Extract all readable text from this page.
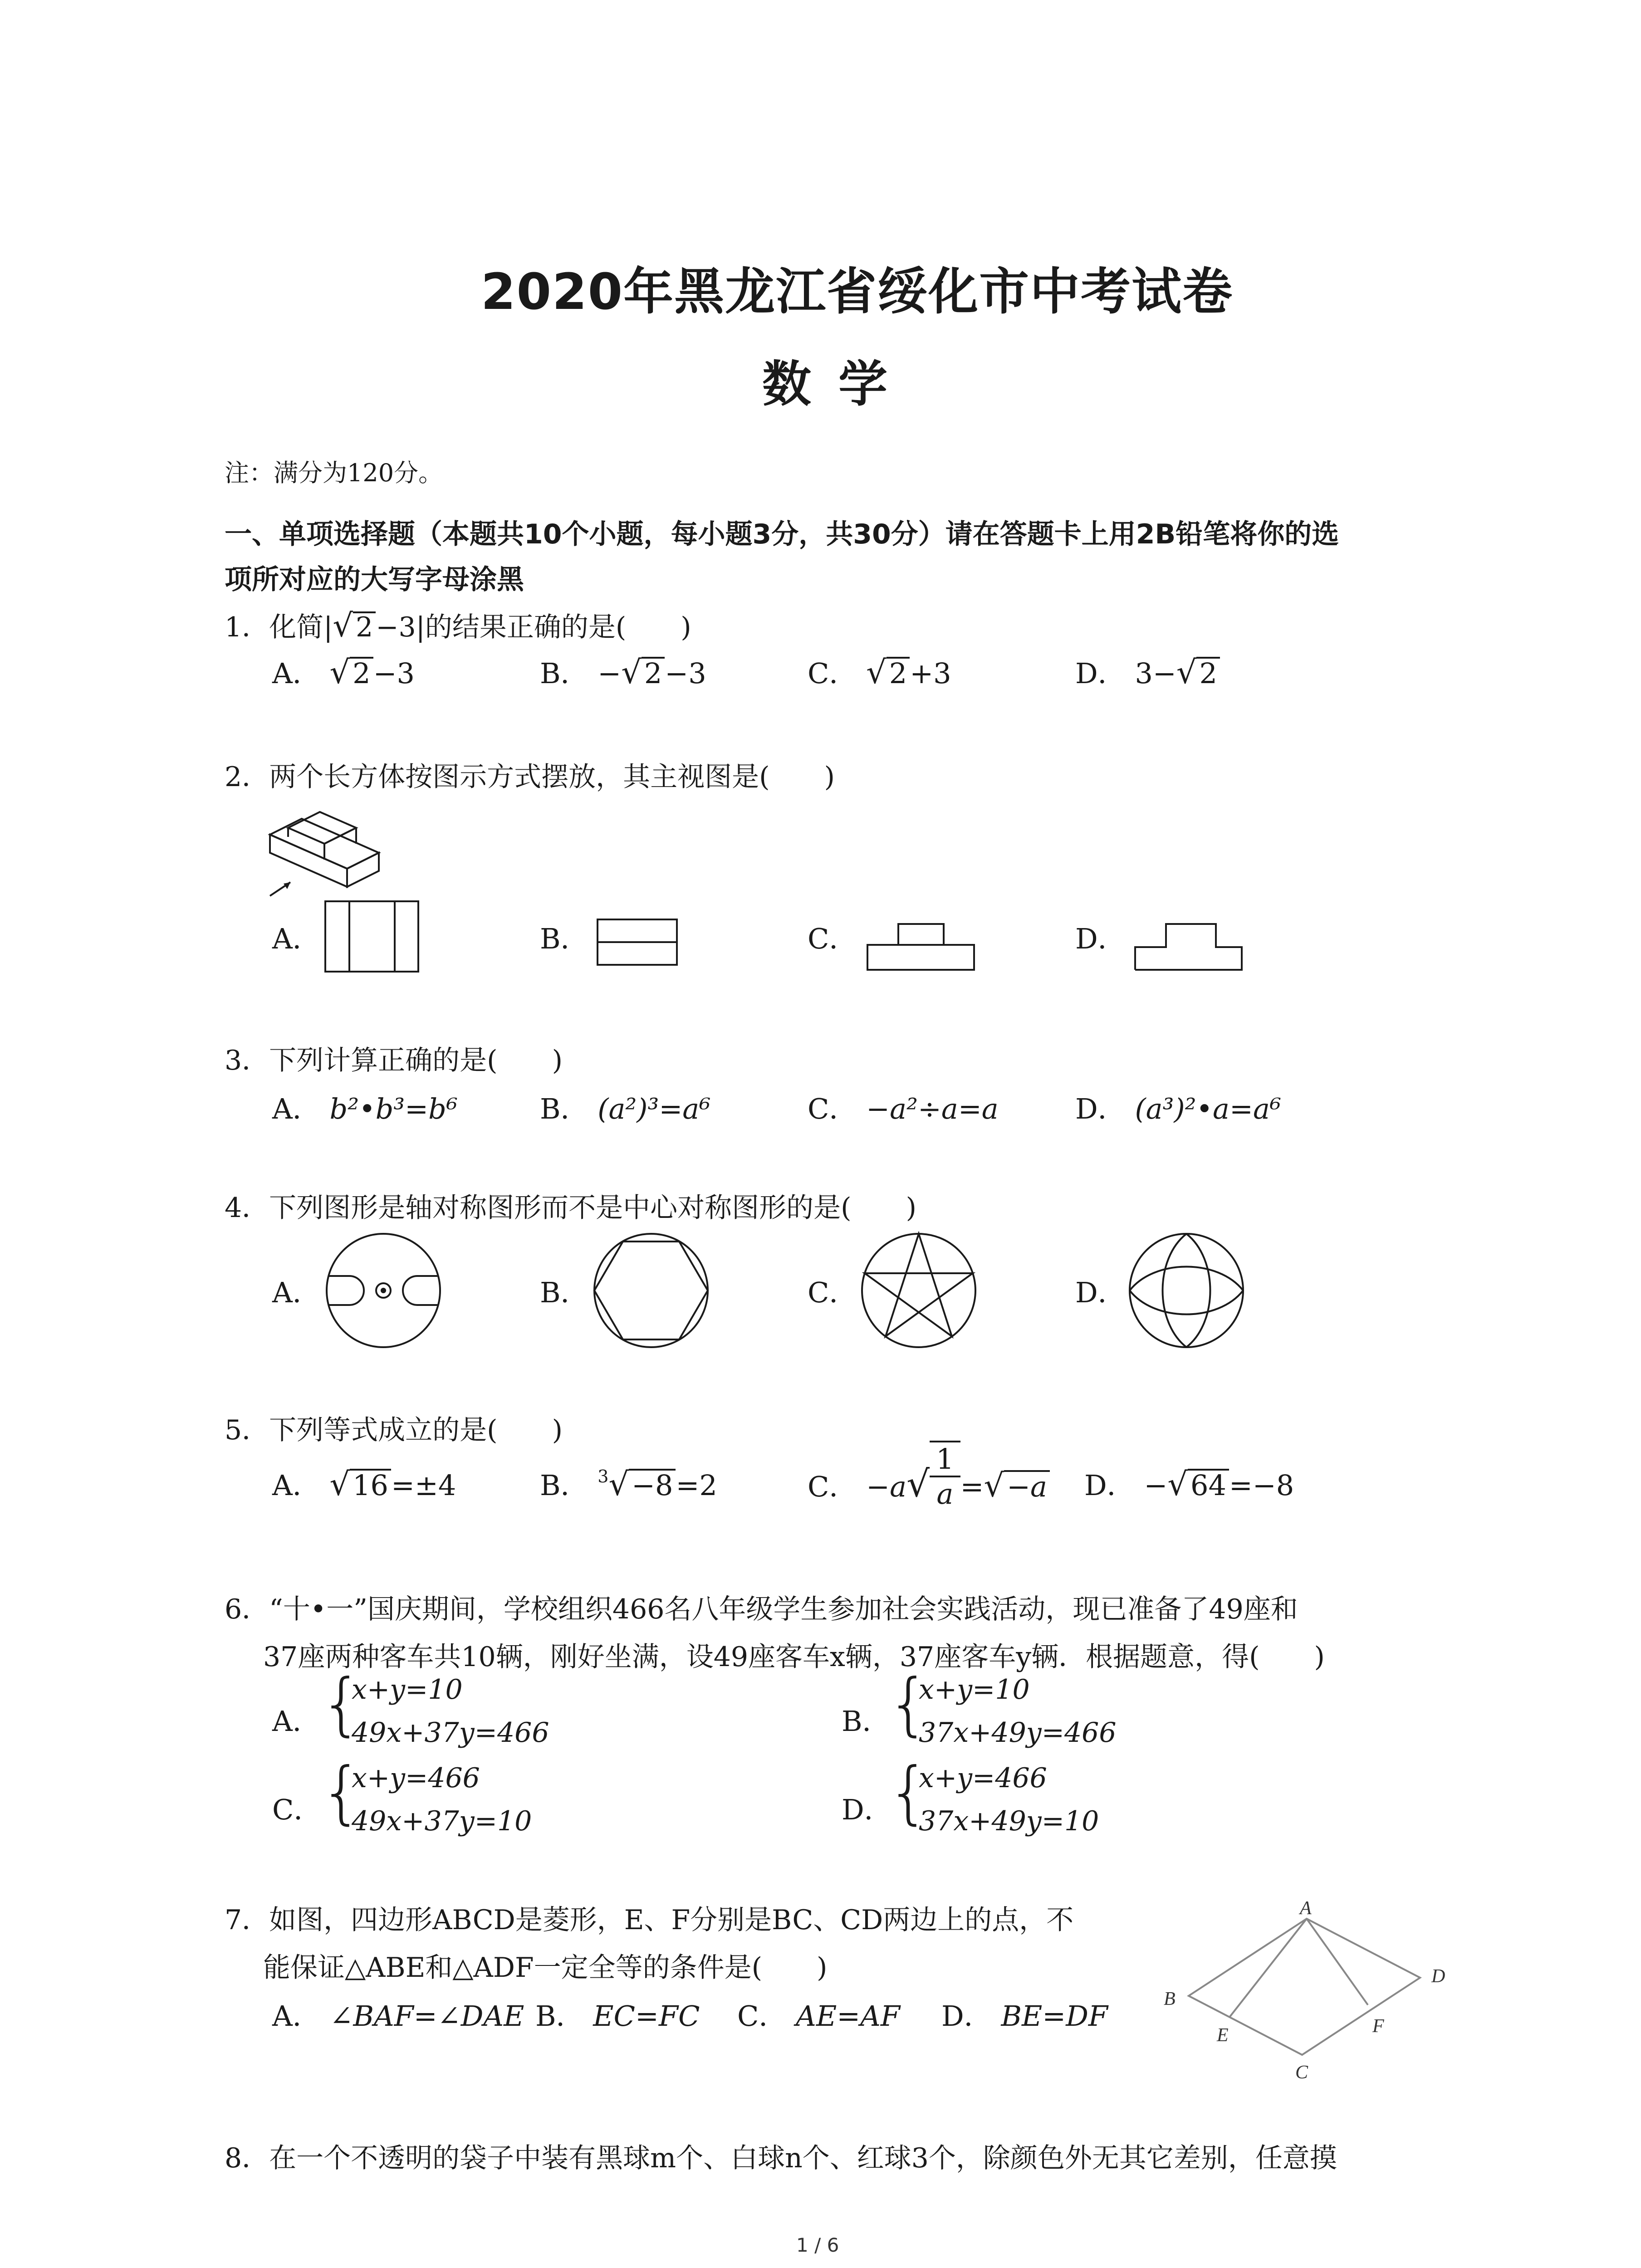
2020年黑龙江省绥化市中考试卷
数学
注：满分为120分。
一、单项选择题（本题共10个小题，每小题3分，共30分）请在答题卡上用2B铅笔将你的选
项所对应的大写字母涂黑
1．化简|√ 2 −3|的结果正确的是(　　)
A． √2−3	B． −√2−3	C． √2+3	D． 3−√2
2．两个长方体按图示方式摆放，其主视图是(　　)
A．	B．	C．	D．
3．下列计算正确的是(　　)
A． b²•b³=b⁶	B． (a²)³=a⁶	C． −a²÷a=a	D． (a³)²•a=a⁶
4．下列图形是轴对称图形而不是中心对称图形的是(　　)
A．	B．	C．	D．
5．下列等式成立的是(　　)
A． √16=±4	B． $^3$√−8=2	C． $-a√ \frac{1}{a} =√-a$ D． −√64=−8
6．“十•一”国庆期间，学校组织466名八年级学生参加社会实践活动，现已准备了49座和
37座两种客车共10辆，刚好坐满，设49座客车x辆，37座客车y辆．根据题意，得(　　)
A．
{
x+y=10
49x+37y=466	B．
{
x+y=10
37x+49y=466
C．
{
x+y=466
49x+37y=10	D．
{
x+y=466
37x+49y=10
7．如图，四边形ABCD是菱形，E、F分别是BC、CD两边上的点，不
能保证△ABE和△ADF一定全等的条件是(　　)
A． ∠BAF=∠DAE B． EC=FC C． AE=AF D． BE=DF
A
B
C
D
E	F
8．在一个不透明的袋子中装有黑球m个、白球n个、红球3个，除颜色外无其它差别，任意摸
1 / 6
